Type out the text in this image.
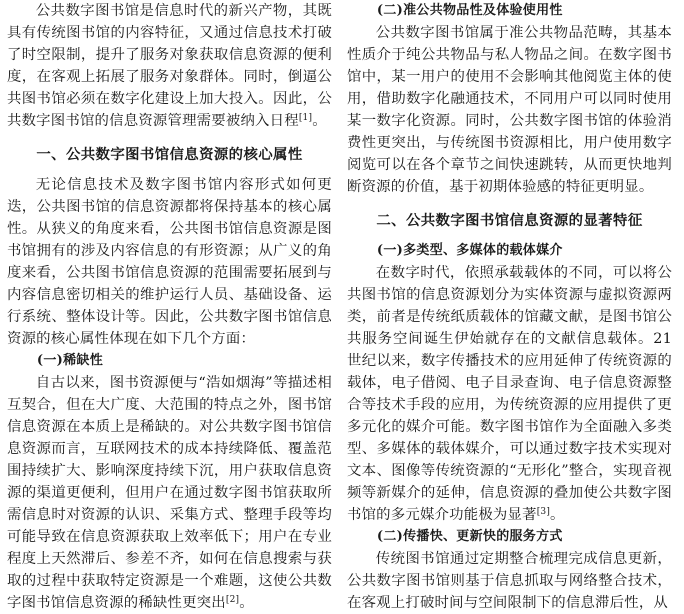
公共数字图书馆是信息时代的新兴产物，其既具有传统图书馆的内容特征，又通过信息技术打破了时空限制，提升了服务对象获取信息资源的便利度，在客观上拓展了服务对象群体。同时，倒逼公共图书馆必须在数字化建设上加大投入。因此，公共数字图书馆的信息资源管理需要被纳入日程[1]。

一、公共数字图书馆信息资源的核心属性

无论信息技术及数字图书馆内容形式如何更迭，公共图书馆的信息资源都将保持基本的核心属性。从狭义的角度来看，公共图书馆信息资源是图书馆拥有的涉及内容信息的有形资源；从广义的角度来看，公共图书馆信息资源的范围需要拓展到与内容信息密切相关的维护运行人员、基础设备、运行系统、整体设计等。因此，公共数字图书馆信息资源的核心属性体现在如下几个方面：

(一)稀缺性

自古以来，图书资源便与“浩如烟海”等描述相互契合，但在大广度、大范围的特点之外，图书馆信息资源在本质上是稀缺的。对公共数字图书馆信息资源而言，互联网技术的成本持续降低、覆盖范围持续扩大、影响深度持续下沉，用户获取信息资源的渠道更便利，但用户在通过数字图书馆获取所需信息时对资源的认识、采集方式、整理手段等均可能导致在信息资源获取上效率低下；用户在专业程度上天然滞后、参差不齐，如何在信息搜索与获取的过程中获取特定资源是一个难题，这使公共数字图书馆信息资源的稀缺性更突出[2]。

(二)准公共物品性及体验使用性

公共数字图书馆属于准公共物品范畴，其基本性质介于纯公共物品与私人物品之间。在数字图书馆中，某一用户的使用不会影响其他阅览主体的使用，借助数字化融通技术，不同用户可以同时使用某一数字化资源。同时，公共数字图书馆的体验消费性更突出，与传统图书资源相比，用户使用数字阅览可以在各个章节之间快速跳转，从而更快地判断资源的价值，基于初期体验感的特征更明显。

二、公共数字图书馆信息资源的显著特征
(一)多类型、多媒体的载体媒介

在数字时代，依照承载载体的不同，可以将公共图书馆的信息资源划分为实体资源与虚拟资源两类，前者是传统纸质载体的馆藏文献，是图书馆公共服务空间诞生伊始就存在的文献信息载体。21世纪以来，数字传播技术的应用延伸了传统资源的载体，电子借阅、电子目录查询、电子信息资源整合等技术手段的应用，为传统资源的应用提供了更多元化的媒介可能。数字图书馆作为全面融入多类型、多媒体的载体媒介，可以通过数字技术实现对文本、图像等传统资源的“无形化”整合，实现音视频等新媒介的延伸，信息资源的叠加使公共数字图书馆的多元媒介功能极为显著[3]。

(二)传播快、更新快的服务方式

传统图书馆通过定期整合梳理完成信息更新，公共数字图书馆则基于信息抓取与网络整合技术，在客观上打破时间与空间限制下的信息滞后性，从
